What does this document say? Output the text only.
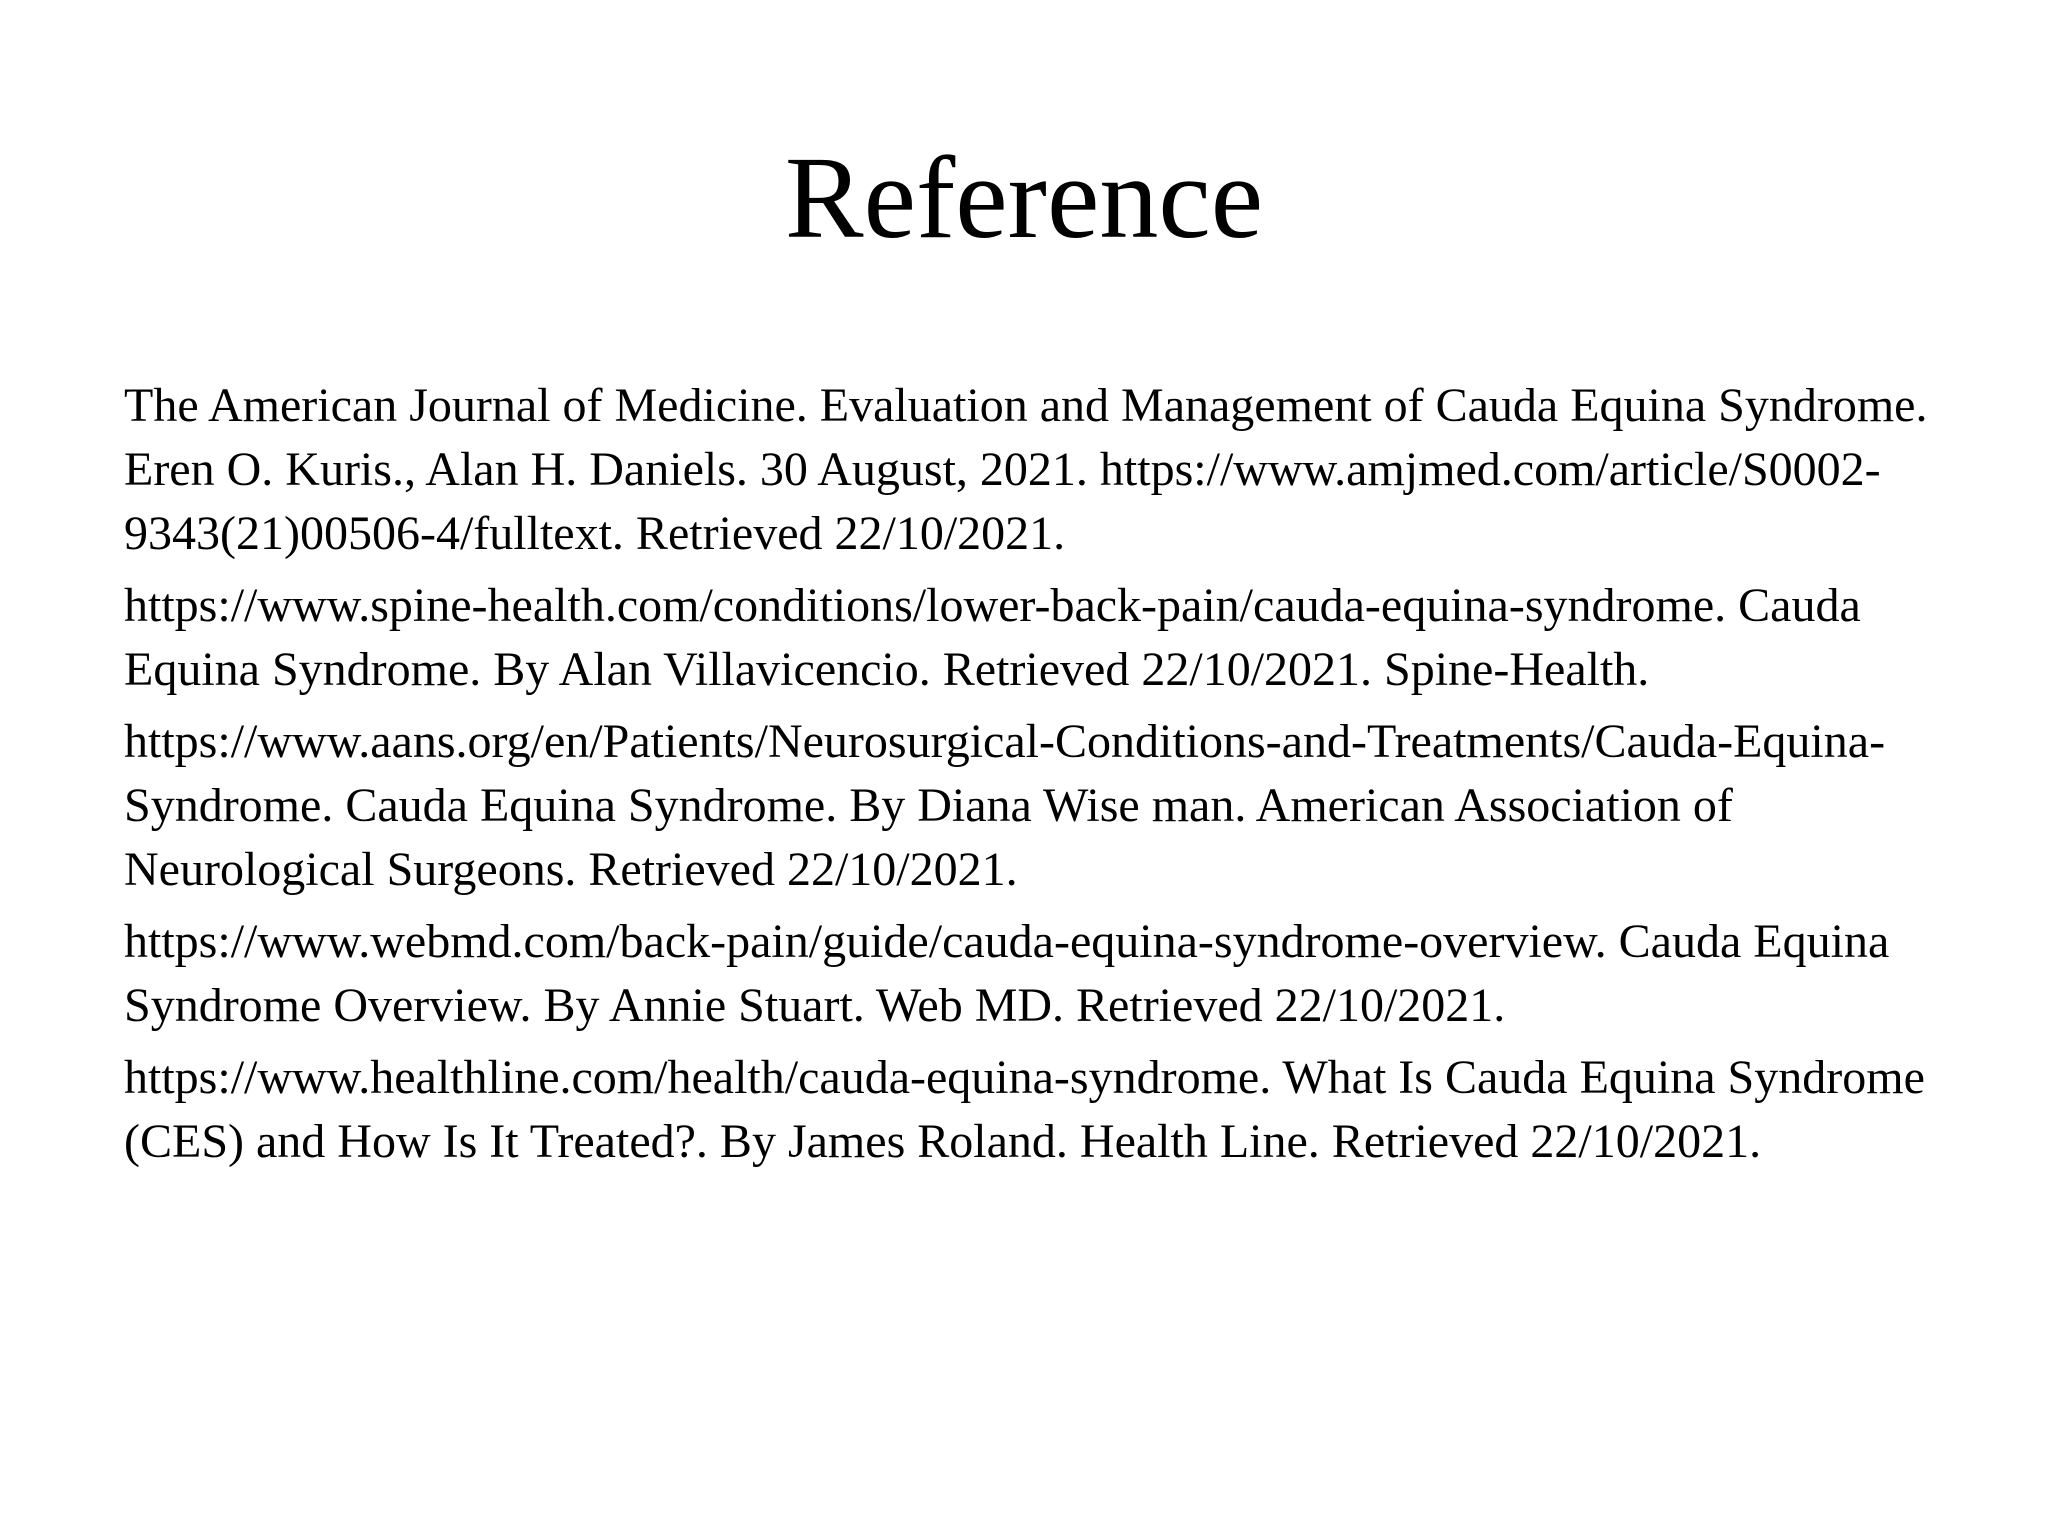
Reference
The American Journal of Medicine. Evaluation and Management of Cauda Equina Syndrome. Eren O. Kuris., Alan H. Daniels. 30 August, 2021. https://www.amjmed.com/article/S0002-9343(21)00506-4/fulltext. Retrieved 22/10/2021.
https://www.spine-health.com/conditions/lower-back-pain/cauda-equina-syndrome. Cauda Equina Syndrome. By Alan Villavicencio. Retrieved 22/10/2021. Spine-Health.
https://www.aans.org/en/Patients/Neurosurgical-Conditions-and-Treatments/Cauda-Equina-Syndrome. Cauda Equina Syndrome. By Diana Wise man. American Association of Neurological Surgeons. Retrieved 22/10/2021.
https://www.webmd.com/back-pain/guide/cauda-equina-syndrome-overview. Cauda Equina Syndrome Overview. By Annie Stuart. Web MD. Retrieved 22/10/2021.
https://www.healthline.com/health/cauda-equina-syndrome. What Is Cauda Equina Syndrome (CES) and How Is It Treated?. By James Roland. Health Line. Retrieved 22/10/2021.
